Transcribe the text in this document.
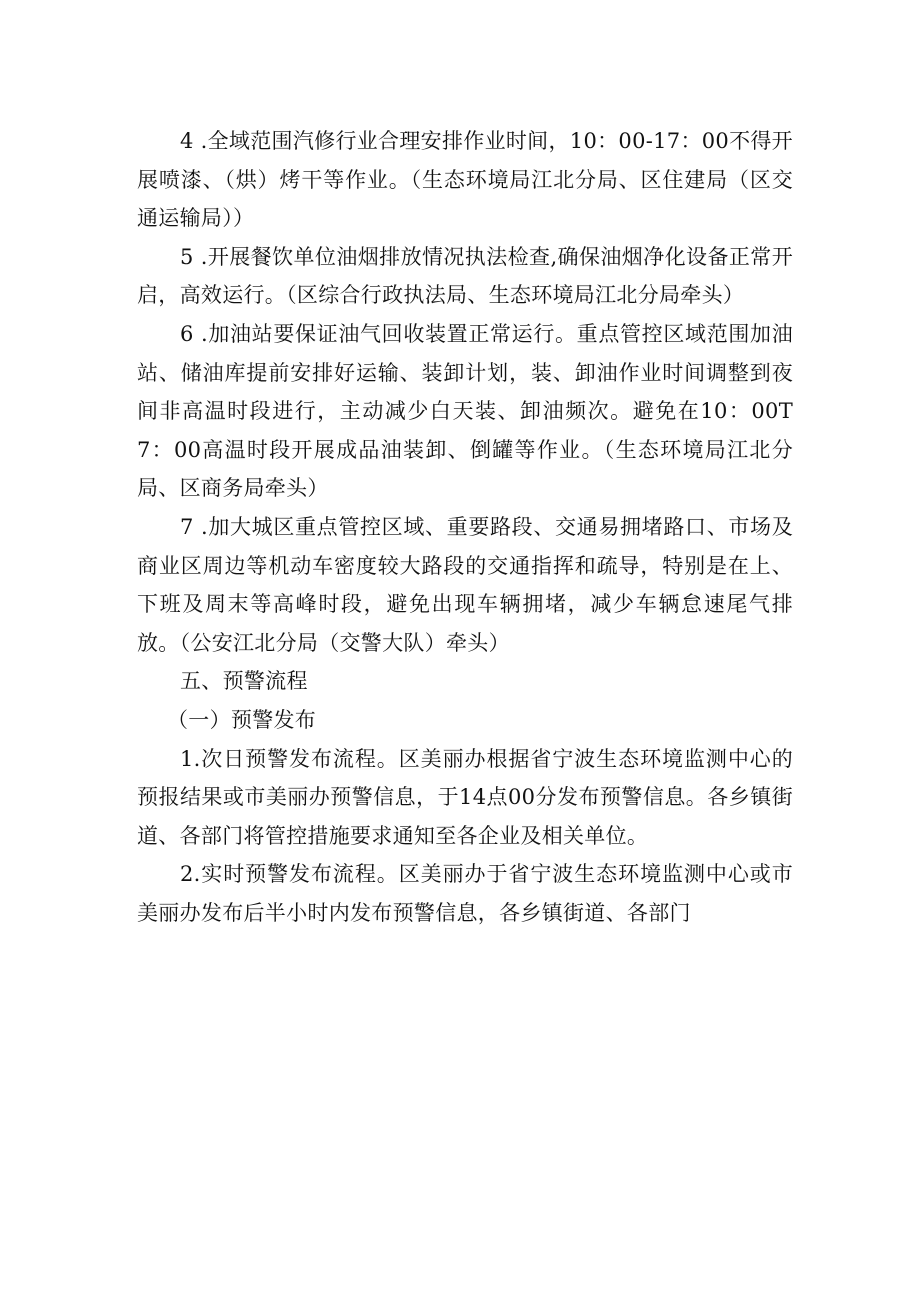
4 .全域范围汽修行业合理安排作业时间，10：00-17：00不得开展喷漆、（烘）烤干等作业。（生态环境局江北分局、区住建局（区交通运输局））

5 .开展餐饮单位油烟排放情况执法检查,确保油烟净化设备正常开启，高效运行。（区综合行政执法局、生态环境局江北分局牵头）

6 .加油站要保证油气回收装置正常运行。重点管控区域范围加油站、储油库提前安排好运输、装卸计划，装、卸油作业时间调整到夜间非高温时段进行，主动减少白天装、卸油频次。避免在10：00T7：00高温时段开展成品油装卸、倒罐等作业。（生态环境局江北分局、区商务局牵头）

7 .加大城区重点管控区域、重要路段、交通易拥堵路口、市场及商业区周边等机动车密度较大路段的交通指挥和疏导，特别是在上、下班及周末等高峰时段，避免出现车辆拥堵，减少车辆怠速尾气排放。（公安江北分局（交警大队）牵头）

五、预警流程

（一）预警发布

1.次日预警发布流程。区美丽办根据省宁波生态环境监测中心的预报结果或市美丽办预警信息，于14点00分发布预警信息。各乡镇街道、各部门将管控措施要求通知至各企业及相关单位。

2.实时预警发布流程。区美丽办于省宁波生态环境监测中心或市美丽办发布后半小时内发布预警信息，各乡镇街道、各部门
